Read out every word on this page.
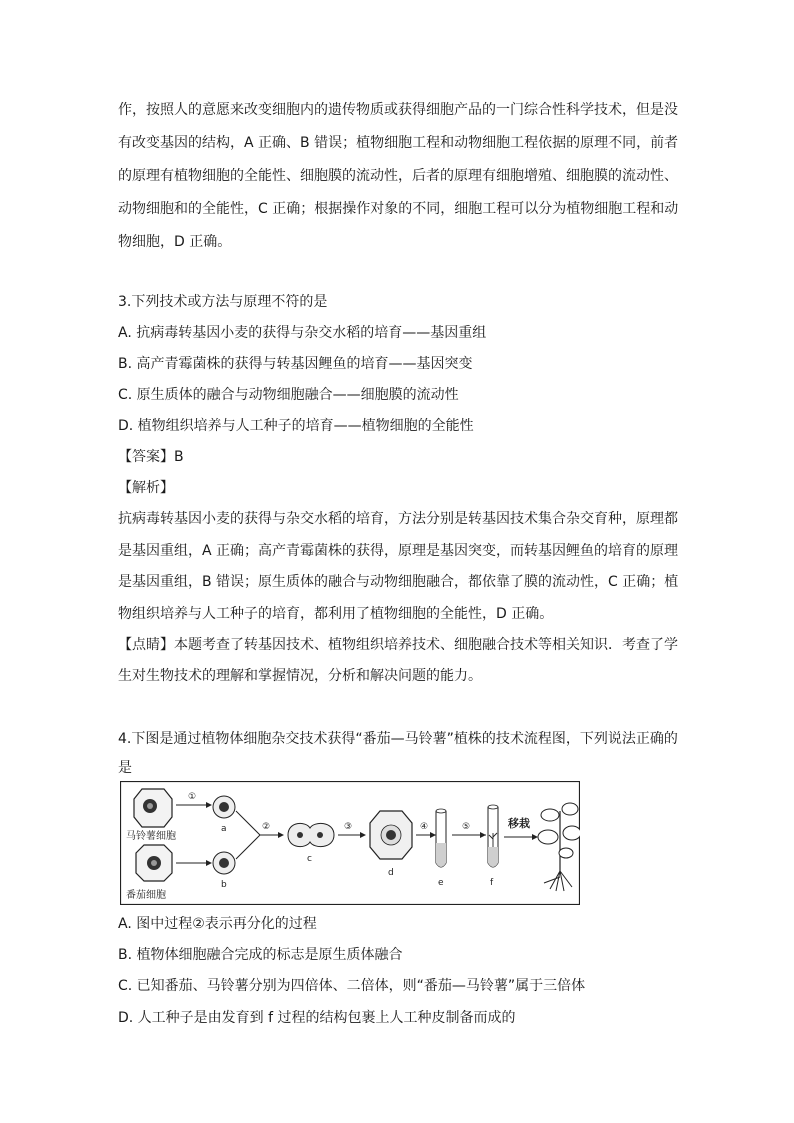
作，按照人的意愿来改变细胞内的遗传物质或获得细胞产品的一门综合性科学技术，但是没
有改变基因的结构，A 正确、B 错误；植物细胞工程和动物细胞工程依据的原理不同，前者
的原理有植物细胞的全能性、细胞膜的流动性，后者的原理有细胞增殖、细胞膜的流动性、
动物细胞和的全能性，C 正确；根据操作对象的不同，细胞工程可以分为植物细胞工程和动
物细胞，D 正确。
3.下列技术或方法与原理不符的是
A. 抗病毒转基因小麦的获得与杂交水稻的培育——基因重组
B. 高产青霉菌株的获得与转基因鲤鱼的培育——基因突变
C. 原生质体的融合与动物细胞融合——细胞膜的流动性
D. 植物组织培养与人工种子的培育——植物细胞的全能性
【答案】B
【解析】
抗病毒转基因小麦的获得与杂交水稻的培育，方法分别是转基因技术集合杂交育种，原理都
是基因重组，A 正确；高产青霉菌株的获得，原理是基因突变，而转基因鲤鱼的培育的原理
是基因重组，B 错误；原生质体的融合与动物细胞融合，都依靠了膜的流动性，C 正确；植
物组织培养与人工种子的培育，都利用了植物细胞的全能性，D 正确。
【点睛】本题考查了转基因技术、植物组织培养技术、细胞融合技术等相关知识．考查了学
生对生物技术的理解和掌握情况，分析和解决问题的能力。
4.下图是通过植物体细胞杂交技术获得“番茄—马铃薯”植株的技术流程图，下列说法正确的
是
马铃薯细胞
番茄细胞
①
a
b
②
c
③
d
④
e
⑤
f
移栽
A. 图中过程②表示再分化的过程
B. 植物体细胞融合完成的标志是原生质体融合
C. 已知番茄、马铃薯分别为四倍体、二倍体，则“番茄—马铃薯”属于三倍体
D. 人工种子是由发育到 f 过程的结构包裹上人工种皮制备而成的
